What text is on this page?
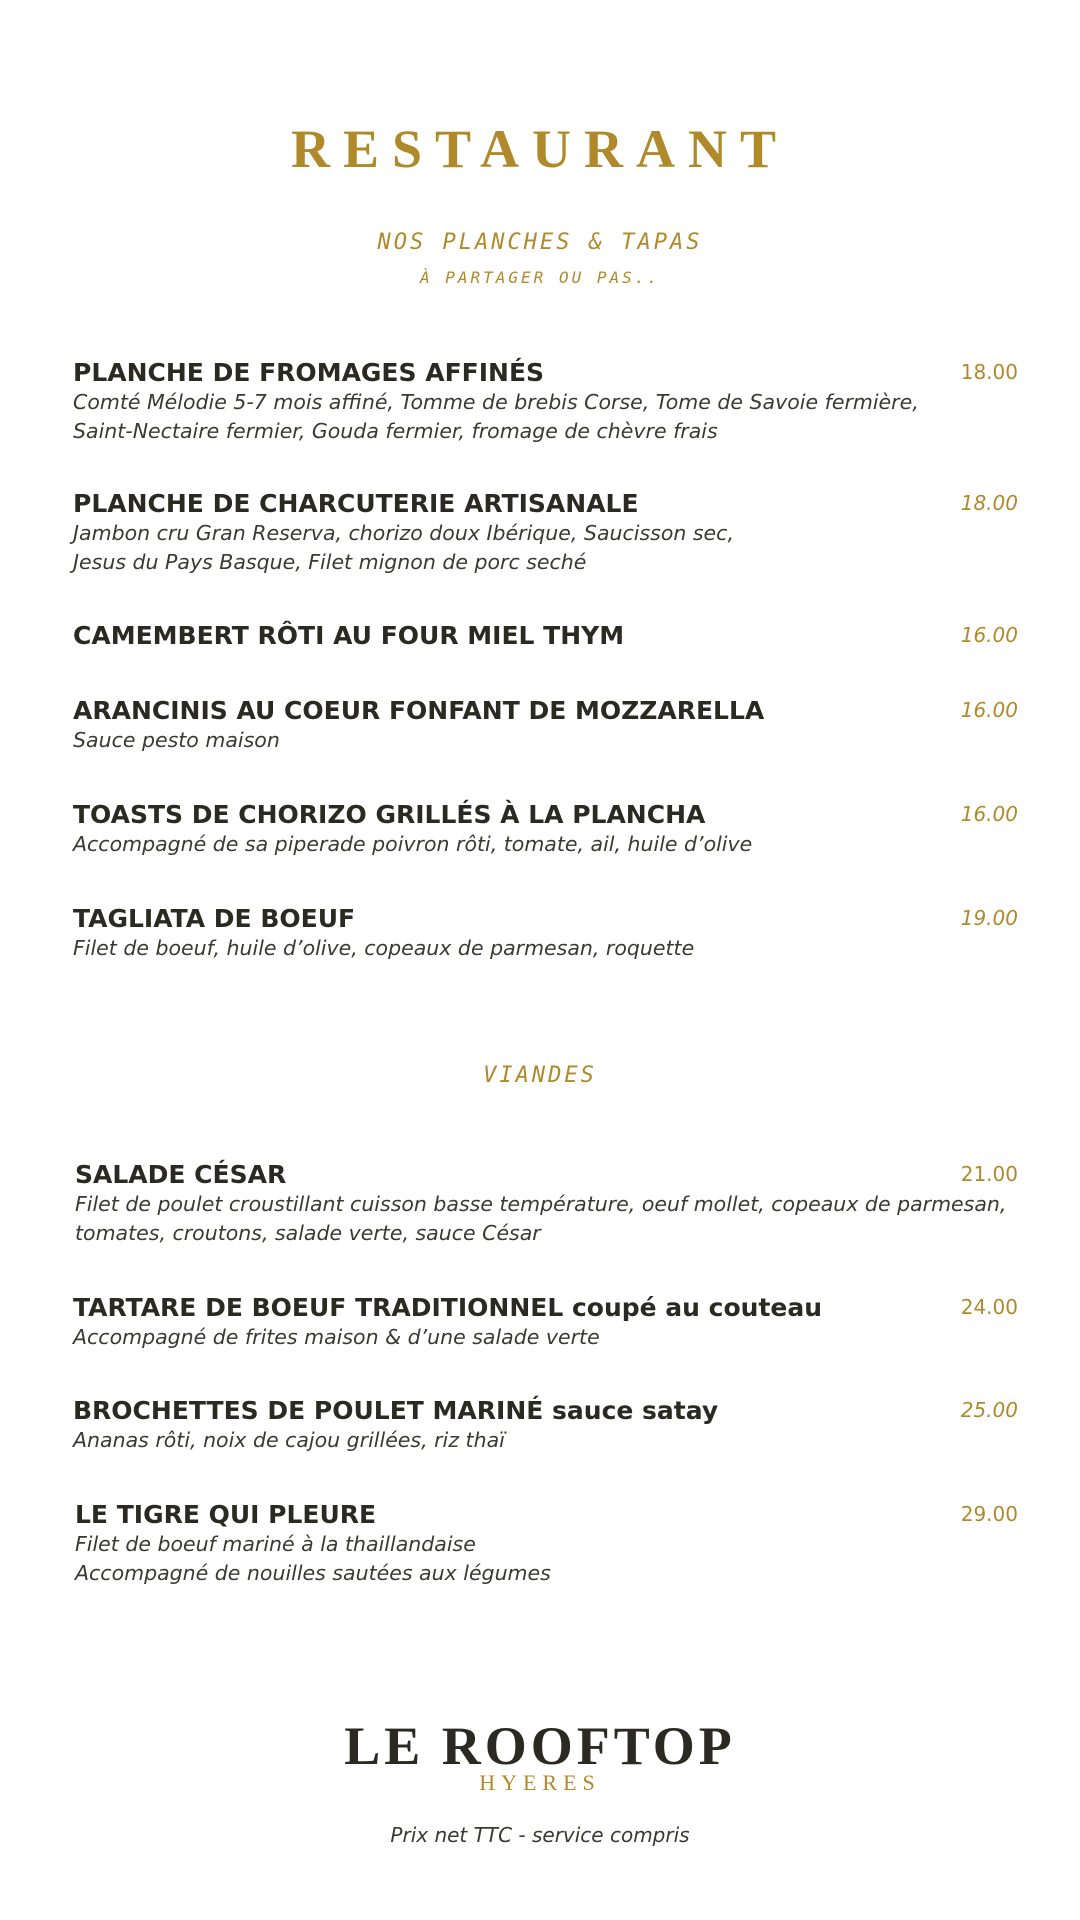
RESTAURANT
NOS PLANCHES & TAPAS
À PARTAGER OU PAS..
PLANCHE DE FROMAGES AFFINÉS
Comté Mélodie 5-7 mois affiné, Tomme de brebis Corse, Tome de Savoie fermière,
Saint-Nectaire fermier, Gouda fermier, fromage de chèvre frais
18.00
PLANCHE DE CHARCUTERIE ARTISANALE
Jambon cru Gran Reserva, chorizo doux Ibérique, Saucisson sec,
Jesus du Pays Basque, Filet mignon de porc seché
18.00
CAMEMBERT RÔTI AU FOUR MIEL THYM	16.00
ARANCINIS AU COEUR FONFANT DE MOZZARELLA
Sauce pesto maison
16.00
TOASTS DE CHORIZO GRILLÉS À LA PLANCHA
Accompagné de sa piperade poivron rôti, tomate, ail, huile d’olive
16.00
TAGLIATA DE BOEUF
Filet de boeuf, huile d’olive, copeaux de parmesan, roquette
19.00
VIANDES
SALADE CÉSAR
Filet de poulet croustillant cuisson basse température, oeuf mollet, copeaux de parmesan,
tomates, croutons, salade verte, sauce César
21.00
TARTARE DE BOEUF TRADITIONNEL coupé au couteau
Accompagné de frites maison & d’une salade verte
24.00
BROCHETTES DE POULET MARINÉ sauce satay
Ananas rôti, noix de cajou grillées, riz thaï
25.00
LE TIGRE QUI PLEURE
Filet de boeuf mariné à la thaillandaise
Accompagné de nouilles sautées aux légumes
29.00
LE ROOFTOP
HYERES
Prix net TTC - service compris
